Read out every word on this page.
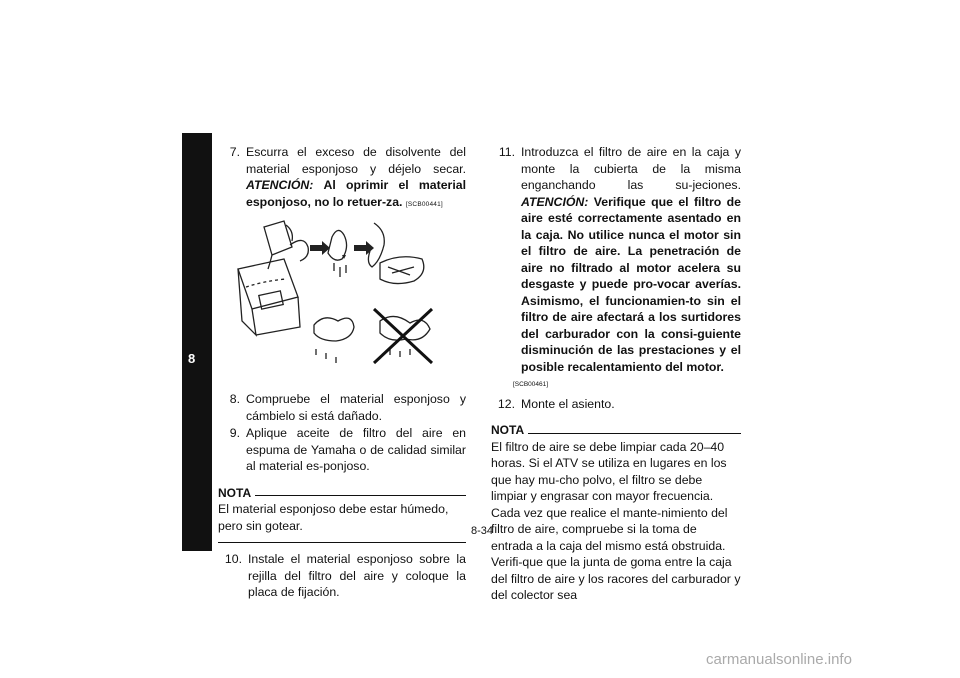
8
7. Escurra el exceso de disolvente del material esponjoso y déjelo secar. ATENCIÓN: Al oprimir el material esponjoso, no lo retuer-za. [SCB00441]
8. Compruebe el material esponjoso y cámbielo si está dañado.
9. Aplique aceite de filtro del aire en espuma de Yamaha o de calidad similar al material es-ponjoso.
NOTA
El material esponjoso debe estar húmedo, pero sin gotear.
10. Instale el material esponjoso sobre la rejilla del filtro del aire y coloque la placa de fijación.
11. Introduzca el filtro de aire en la caja y monte la cubierta de la misma enganchando las su-jeciones. ATENCIÓN: Verifique que el filtro de aire esté correctamente asentado en la caja. No utilice nunca el motor sin el filtro de aire. La penetración de aire no filtrado al motor acelera su desgaste y puede pro-vocar averías. Asimismo, el funcionamien-to sin el filtro de aire afectará a los surtidores del carburador con la consi-guiente disminución de las prestaciones y el posible recalentamiento del motor.
[SCB00461]
12. Monte el asiento.
NOTA
El filtro de aire se debe limpiar cada 20–40 horas. Si el ATV se utiliza en lugares en los que hay mu-cho polvo, el filtro se debe limpiar y engrasar con mayor frecuencia. Cada vez que realice el mante-nimiento del filtro de aire, compruebe si la toma de entrada a la caja del mismo está obstruida. Verifi-que que la junta de goma entre la caja del filtro de aire y los racores del carburador y del colector sea
8-34
carmanualsonline.info
